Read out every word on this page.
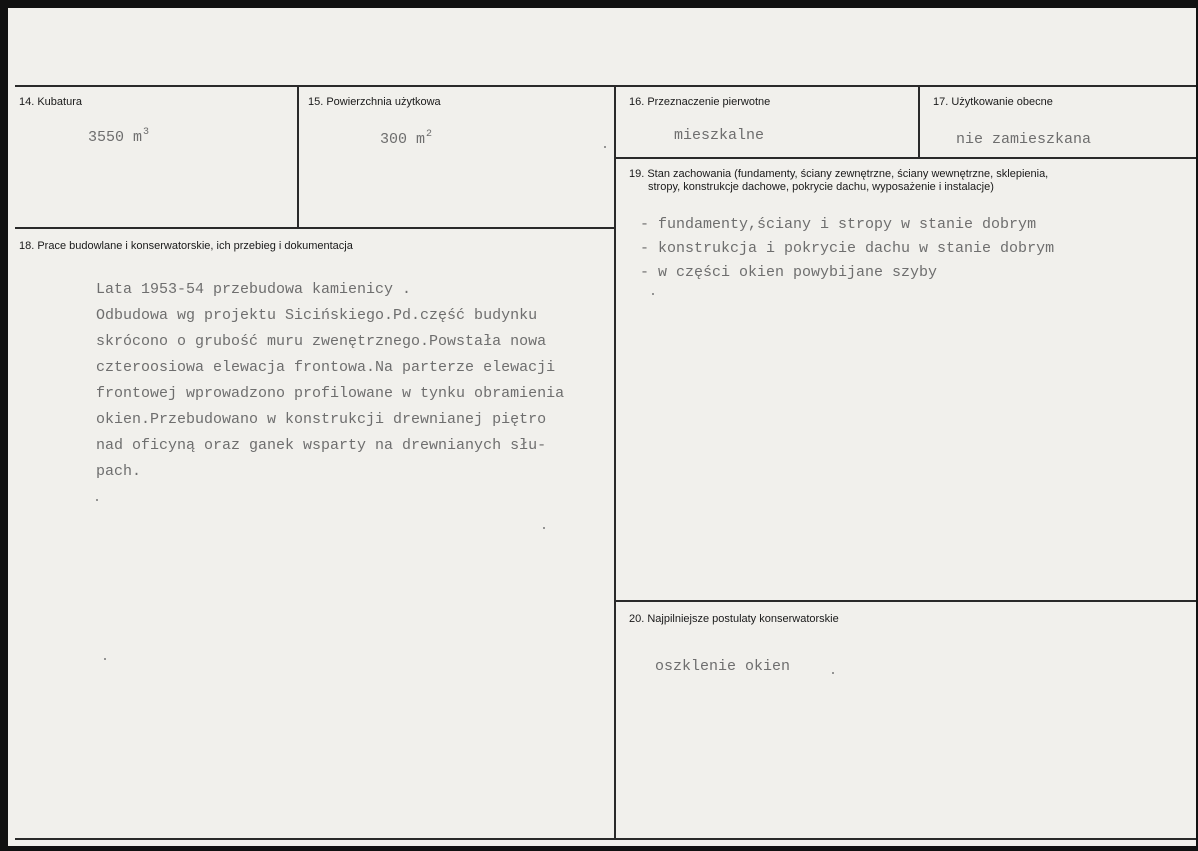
14. Kubatura
3550 $m^3$
15. Powierzchnia użytkowa
300 $m^2$
16. Przeznaczenie pierwotne
mieszkalne
17. Użytkowanie obecne
nie zamieszkana
18. Prace budowlane i konserwatorskie, ich przebieg i dokumentacja
Lata 1953-54 przebudowa kamienicy .
Odbudowa wg projektu Sicińskiego.Pd.część budynku
skrócono o grubość muru zwenętrznego.Powstała nowa
czteroosiowa elewacja frontowa.Na parterze elewacji
frontowej wprowadzono profilowane w tynku obramienia
okien.Przebudowano w konstrukcji drewnianej piętro
nad oficyną oraz ganek wsparty na drewnianych słu-
pach.
19. Stan zachowania (fundamenty, ściany zewnętrzne, ściany wewnętrzne, sklepienia,
stropy, konstrukcje dachowe, pokrycie dachu, wyposażenie i instalacje)
- fundamenty,ściany i stropy w stanie dobrym
- konstrukcja i pokrycie dachu w stanie dobrym
- w części okien powybijane szyby
20. Najpilniejsze postulaty konserwatorskie
oszklenie okien
